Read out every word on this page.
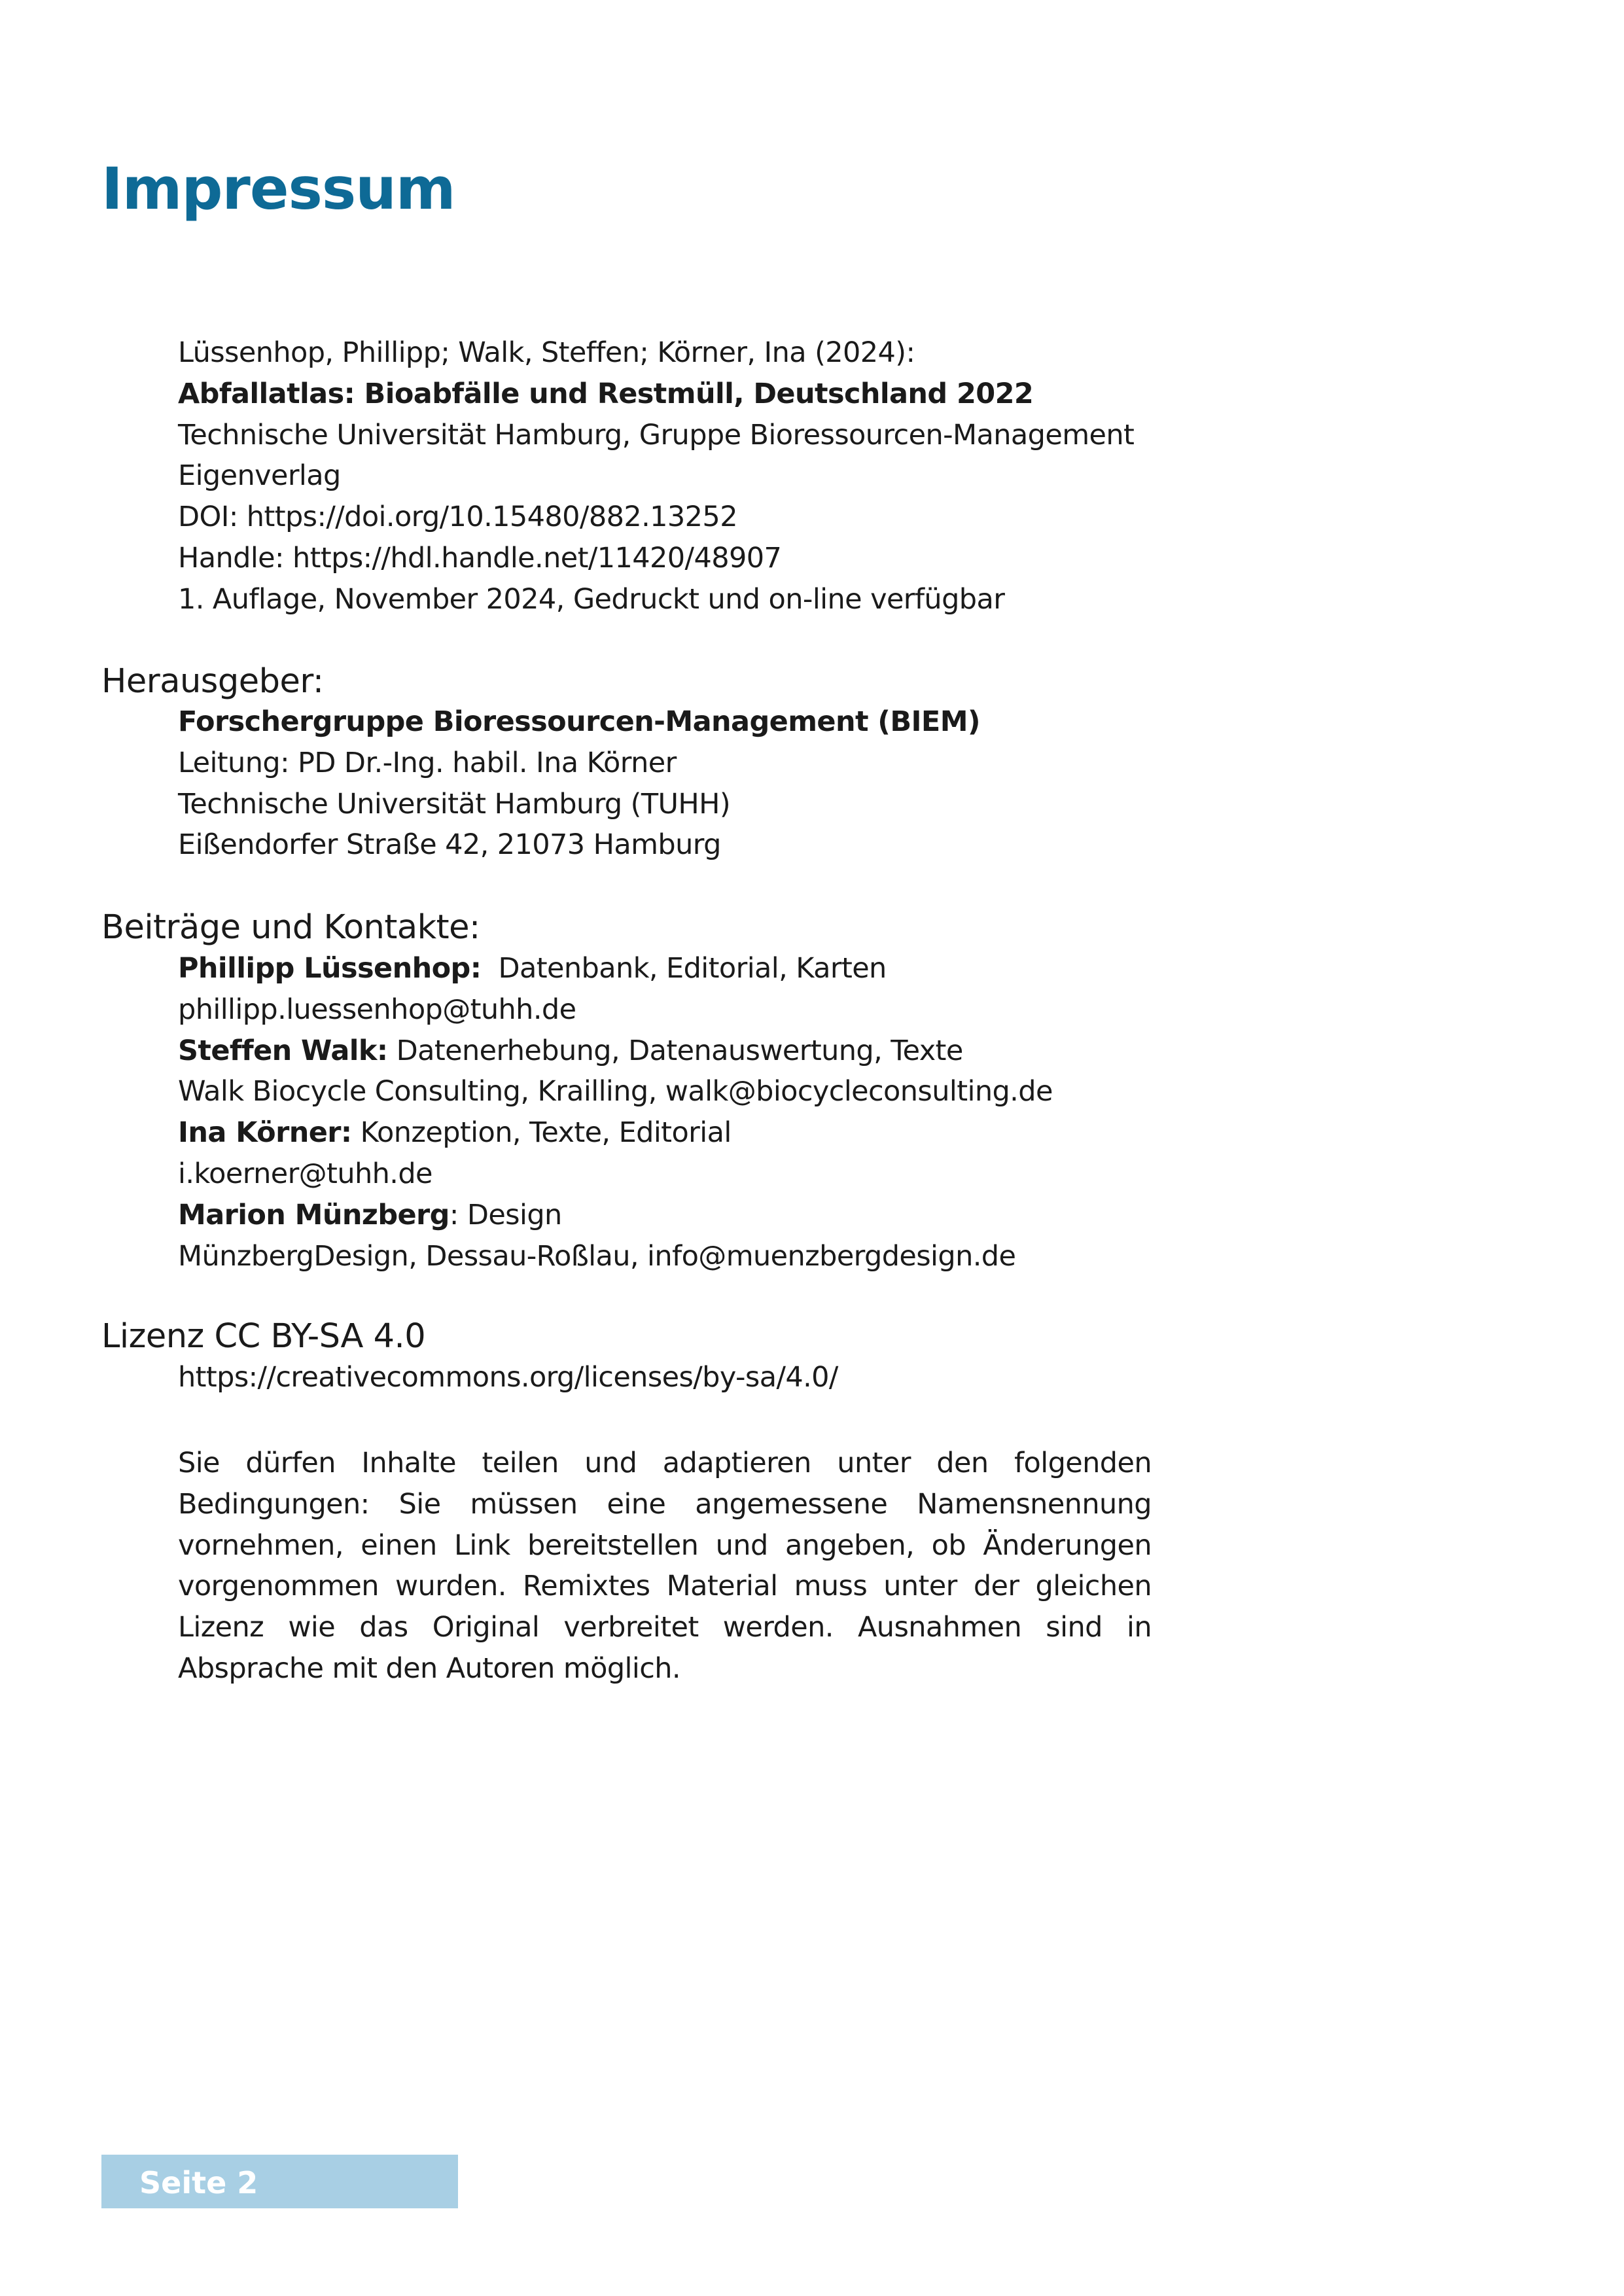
Impressum
Lüssenhop, Phillipp; Walk, Steffen; Körner, Ina (2024):
Abfallatlas: Bioabfälle und Restmüll, Deutschland 2022
Technische Universität Hamburg, Gruppe Bioressourcen-Management
Eigenverlag
DOI: https://doi.org/10.15480/882.13252
Handle: https://hdl.handle.net/11420/48907
1. Auflage, November 2024, Gedruckt und on-line verfügbar
Herausgeber:
Forschergruppe Bioressourcen-Management (BIEM)
Leitung: PD Dr.-Ing. habil. Ina Körner
Technische Universität Hamburg (TUHH)
Eißendorfer Straße 42, 21073 Hamburg
Beiträge und Kontakte:
Phillipp Lüssenhop:  Datenbank, Editorial, Karten
phillipp.luessenhop@tuhh.de
Steffen Walk: Datenerhebung, Datenauswertung, Texte
Walk Biocycle Consulting, Krailling, walk@biocycleconsulting.de
Ina Körner: Konzeption, Texte, Editorial
i.koerner@tuhh.de
Marion Münzberg: Design
MünzbergDesign, Dessau-Roßlau, info@muenzbergdesign.de
Lizenz CC BY-SA 4.0
https://creativecommons.org/licenses/by-sa/4.0/

Sie dürfen Inhalte teilen und adaptieren unter den folgenden Bedingungen: Sie müssen eine angemessene Namensnennung vornehmen, einen Link bereitstellen und angeben, ob Änderungen vorgenommen wurden. Remixtes Material muss unter der gleichen Lizenz wie das Original verbreitet werden. Ausnahmen sind in Absprache mit den Autoren möglich.

Seite 2
